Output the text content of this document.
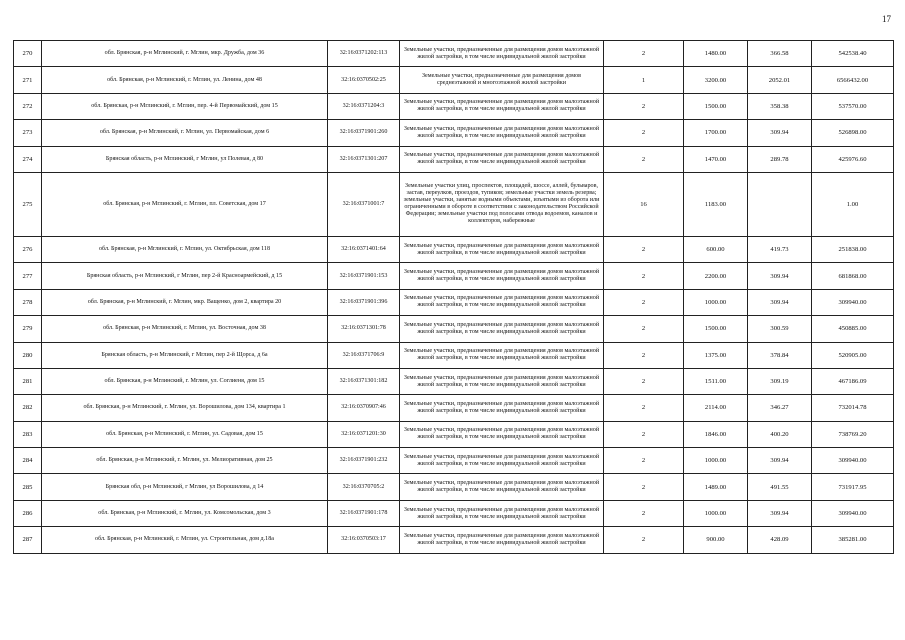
17
270	обл. Брянская, р-н Мглинский, г. Мглин, мкр. Дружба, дом 36	32:16:0371202:113	Земельные участки, предназначенные для размещения домов малоэтажной жилой застройки, в том числе индивидуальной жилой застройки	2	1480.00	366.58	542538.40
271	обл. Брянская, р-н Мглинский, г. Мглин, ул. Ленина, дом 48	32:16:0370502:25	Земельные участки, предназначенные для размещения домов среднеэтажной и многоэтажной жилой застройки	1	3200.00	2052.01	6566432.00
272	обл. Брянская, р-н Мглинский, г. Мглин, пер. 4-й Первомайский, дом 15	32:16:0371204:3	Земельные участки, предназначенные для размещения домов малоэтажной жилой застройки, в том числе индивидуальной жилой застройки	2	1500.00	358.38	537570.00
273	обл. Брянская, р-н Мглинский, г. Мглин, ул. Первомайская, дом 6	32:16:0371901:260	Земельные участки, предназначенные для размещения домов малоэтажной жилой застройки, в том числе индивидуальной жилой застройки	2	1700.00	309.94	526898.00
274	Брянская область, р-н Мглинский, г Мглин, ул Полевая, д 80	32:16:0371301:207	Земельные участки, предназначенные для размещения домов малоэтажной жилой застройки, в том числе индивидуальной жилой застройки	2	1470.00	289.78	425976.60
275	обл. Брянская, р-н Мглинский, г. Мглин, пл. Советская, дом 17	32:16:0371001:7	Земельные участки улиц, проспектов, площадей, шоссе, аллей, бульваров, застав, переулков, проездов, тупиков; земельные участки земель резерва; земельные участки, занятые водными объектами, изъятыми из оборота или ограниченными в обороте в соответствии с законодательством Российской Федерации; земельные участки под полосами отвода водоемов, каналов и коллекторов, набережные	16	1183.00		1.00
276	обл. Брянская, р-н Мглинский, г. Мглин, ул. Октябрьская, дом 118	32:16:0371401:64	Земельные участки, предназначенные для размещения домов малоэтажной жилой застройки, в том числе индивидуальной жилой застройки	2	600.00	419.73	251838.00
277	Брянская область, р-н Мглинский, г Мглин, пер 2-й Красноармейский, д 15	32:16:0371901:153	Земельные участки, предназначенные для размещения домов малоэтажной жилой застройки, в том числе индивидуальной жилой застройки	2	2200.00	309.94	681868.00
278	обл. Брянская, р-н Мглинский, г. Мглин, мкр. Ващенко, дом 2, квартира 20	32:16:0371901:396	Земельные участки, предназначенные для размещения домов малоэтажной жилой застройки, в том числе индивидуальной жилой застройки	2	1000.00	309.94	309940.00
279	обл. Брянская, р-н Мглинский, г. Мглин, ул. Восточная, дом 38	32:16:0371301:78	Земельные участки, предназначенные для размещения домов малоэтажной жилой застройки, в том числе индивидуальной жилой застройки	2	1500.00	300.59	450885.00
280	Брянская область, р-н Мглинский, г Мглин, пер 2-й Щорса, д 6а	32:16:0371706:9	Земельные участки, предназначенные для размещения домов малоэтажной жилой застройки, в том числе индивидуальной жилой застройки	2	1375.00	378.84	520905.00
281	обл. Брянская, р-н Мглинский, г. Мглин, ул. Соглиеня, дом 15	32:16:0371301:182	Земельные участки, предназначенные для размещения домов малоэтажной жилой застройки, в том числе индивидуальной жилой застройки	2	1511.00	309.19	467186.09
282	обл. Брянская, р-н Мглинский, г. Мглин, ул. Ворошилова, дом 134, квартира 1	32:16:0370907:46	Земельные участки, предназначенные для размещения домов малоэтажной жилой застройки, в том числе индивидуальной жилой застройки	2	2114.00	346.27	732014.78
283	обл. Брянская, р-н Мглинский, г. Мглин, ул. Садовая, дом 15	32:16:0371201:30	Земельные участки, предназначенные для размещения домов малоэтажной жилой застройки, в том числе индивидуальной жилой застройки	2	1846.00	400.20	738769.20
284	обл. Брянская, р-н Мглинский, г. Мглин, ул. Мелиоративная, дом 25	32:16:0371901:232	Земельные участки, предназначенные для размещения домов малоэтажной жилой застройки, в том числе индивидуальной жилой застройки	2	1000.00	309.94	309940.00
285	Брянская обл, р-н Мглинский, г Мглин, ул Ворошилова, д 14	32:16:0370705:2	Земельные участки, предназначенные для размещения домов малоэтажной жилой застройки, в том числе индивидуальной жилой застройки	2	1489.00	491.55	731917.95
286	обл. Брянская, р-н Мглинский, г. Мглин, ул. Комсомольская, дом 3	32:16:0371901:178	Земельные участки, предназначенные для размещения домов малоэтажной жилой застройки, в том числе индивидуальной жилой застройки	2	1000.00	309.94	309940.00
287	обл. Брянская, р-н Мглинский, г. Мглин, ул. Строительная, дом д.18а	32:16:0370503:17	Земельные участки, предназначенные для размещения домов малоэтажной жилой застройки, в том числе индивидуальной жилой застройки	2	900.00	428.09	385281.00
